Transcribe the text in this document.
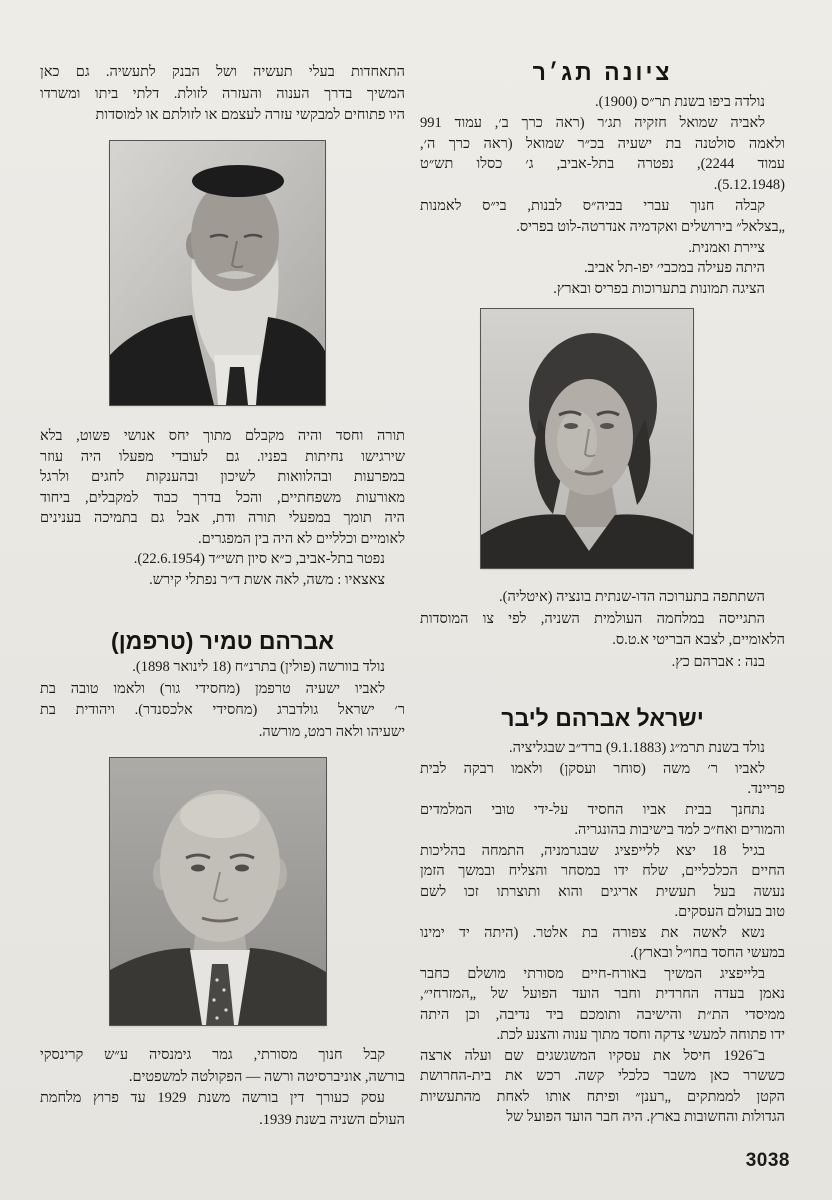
ציונה תג׳ר
נולדה ביפו בשנת תר״ס (1900).
לאביה שמואל חזקיה תג׳ר (ראה כרך ב׳, עמוד 991
ולאמה סולטנה בת ישעיה בכ״ר שמואל (ראה כרך ה׳,
עמוד 2244), נפטרה בתל-אביב, ג׳ כסלו תש״ט
(5.12.1948).
קבלה חנוך עברי בביה״ס לבנות, בי״ס לאמנות
„בצלאל״ בירושלים ואקדמיה אנדרטה-לוט בפריס.
ציירת ואמנית.
היתה פעילה במכבי׳ יפו-תל אביב.
הציגה תמונות בתערוכות בפריס ובארץ.
השתתפה בתערוכה הדו-שנתית בונציה (איטליה).
התגייסה במלחמה העולמית השניה, לפי צו המוסדות
הלאומיים, לצבא הבריטי א.ט.ס.
בנה : אברהם כץ.
ישראל אברהם ליבר
נולד בשנת תרמ״ג (9.1.1883) ברד״ב שבגליציה.
לאביו ר׳ משה (סוחר ועסקן) ולאמו רבקה לבית
פריינד.
נתחנך בבית אביו החסיד על-ידי טובי המלמדים
והמורים ואח״כ למד בישיבות בהונגריה.
בגיל 18 יצא ללייפציג שבגרמניה, התמחה בהליכות
החיים הכלכליים, שלח ידו במסחר והצליח ובמשך הזמן
נעשה בעל תעשית אריגים והוא ותוצרתו זכו לשם
טוב בעולם העסקים.
נשא לאשה את צפורה בת אלטר. (היתה יד ימינו
במעשי החסד בחו״ל ובארץ).
בלייפציג המשיך באורח-חיים מסורתי מושלם כחבר
נאמן בעדה החרדית וחבר הועד הפועל של „המזרחי״,
ממיסדי הת״ת והישיבה ותומכם ביד נדיבה, וכן היתה
ידו פתוחה למעשי צדקה וחסד מתוך ענוה והצנע לכת.
ב־1926 חיסל את עסקיו המשגשגים שם ועלה ארצה
כששרר כאן משבר כלכלי קשה. רכש את בית-החרושת
הקטן לממתקים „רענן״ ופיתח אותו לאחת מהתעשיות
הגדולות והחשובות בארץ. היה חבר הועד הפועל של
התאחדות בעלי תעשיה ושל הבנק לתעשיה. גם כאן
המשיך בדרך הענוה והעזרה לזולת. דלתי ביתו ומשרדו
היו פתוחים למבקשי עזרה לעצמם או לזולתם או למוסדות
תורה וחסד והיה מקבלם מתוך יחס אנושי פשוט, בלא
שירגישו נחיתות בפניו. גם לעובדי מפעלו היה עוזר
במפרעות ובהלוואות לשיכון ובהענקות לחגים ולרגל
מאורעות משפחתיים, והכל בדרך כבוד למקבלים, ביחוד
היה תומך במפעלי תורה ודת, אבל גם בתמיכה בענינים
לאומיים וכלליים לא היה בין המפגרים.
נפטר בתל-אביב, כ״א סיון תשי״ד (22.6.1954).
צאצאיו : משה, לאה אשת ד״ר נפתלי קירש.
אברהם טמיר (טרפמן)
נולד בוורשה (פולין) בתרנ״ח (18 לינואר 1898).
לאביו ישעיה טרפמן (מחסידי גור) ולאמו טובה בת
ר׳ ישראל גולדברג (מחסידי אלכסנדר). ויהודית בת
ישעיהו ולאה רמט, מורשה.
קבל חנוך מסורתי, גמר גימנסיה ע״ש קרינסקי
בורשה, אוניברסיטה ורשה — הפקולטה למשפטים.
עסק כעורך דין בורשה משנת 1929 עד פרוץ מלחמת
העולם השניה בשנת 1939.
3038
